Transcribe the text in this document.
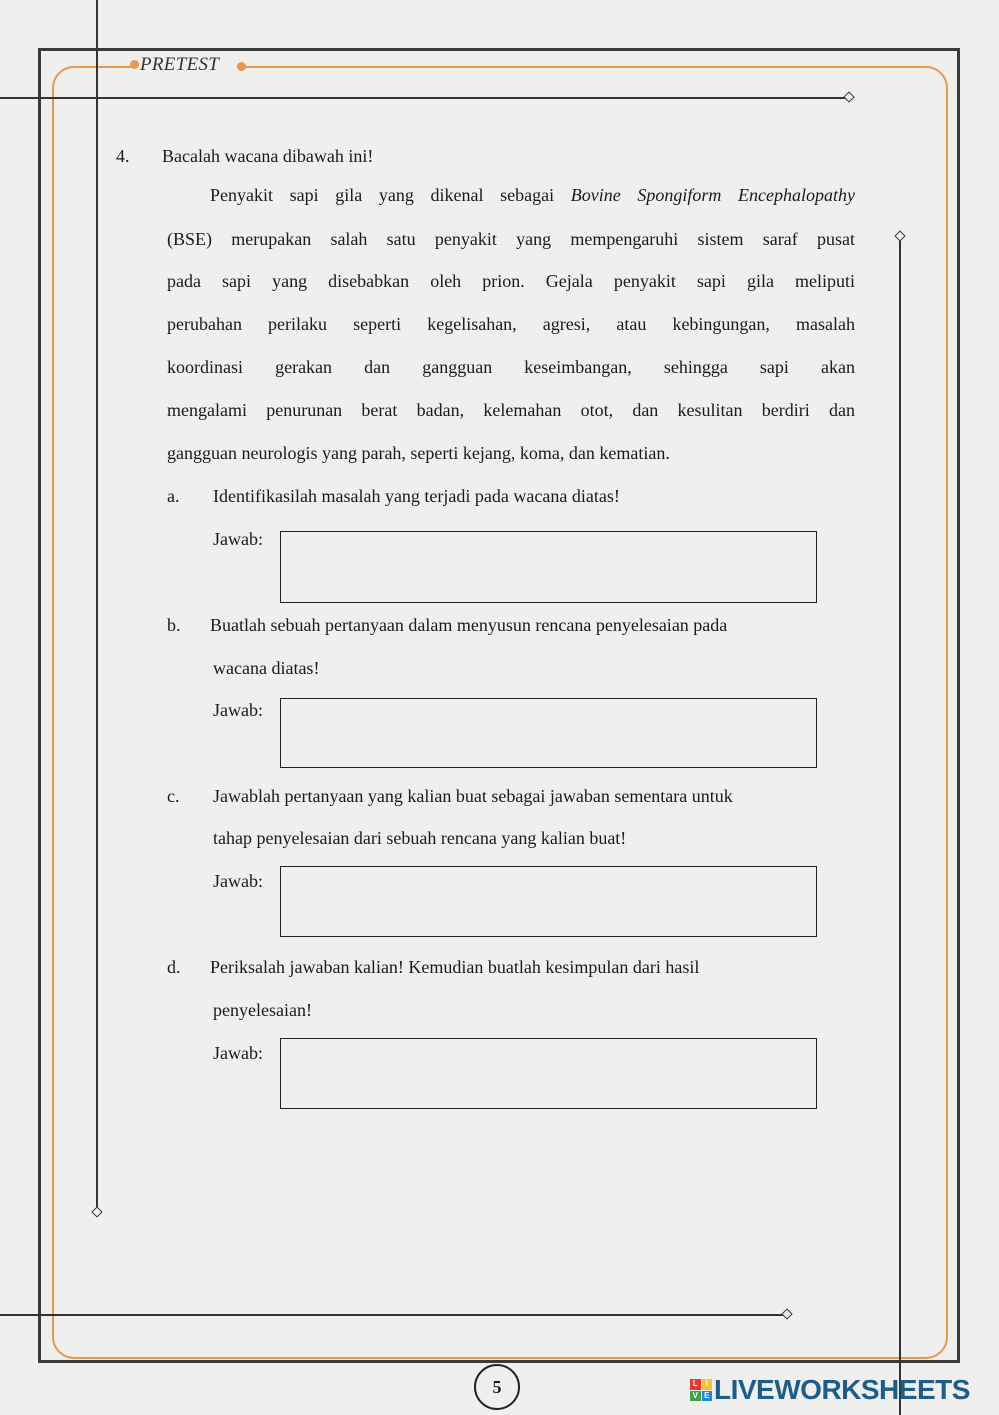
PRETEST
4. Bacalah wacana dibawah ini!
Penyakit sapi gila yang dikenal sebagai Bovine Spongiform Encephalopathy
(BSE) merupakan salah satu penyakit yang mempengaruhi sistem saraf pusat
pada sapi yang disebabkan oleh prion. Gejala penyakit sapi gila meliputi
perubahan perilaku seperti kegelisahan, agresi, atau kebingungan, masalah
koordinasi gerakan dan gangguan keseimbangan, sehingga sapi akan
mengalami penurunan berat badan, kelemahan otot, dan kesulitan berdiri dan
gangguan neurologis yang parah, seperti kejang, koma, dan kematian.
a. Identifikasilah masalah yang terjadi pada wacana diatas!
Jawab:
b. Buatlah sebuah pertanyaan dalam menyusun rencana penyelesaian pada
wacana diatas!
Jawab:
c. Jawablah pertanyaan yang kalian buat sebagai jawaban sementara untuk
tahap penyelesaian dari sebuah rencana yang kalian buat!
Jawab:
d. Periksalah jawaban kalian! Kemudian buatlah kesimpulan dari hasil
penyelesaian!
Jawab:
5	L I
V E LIVEWORKSHEETS
